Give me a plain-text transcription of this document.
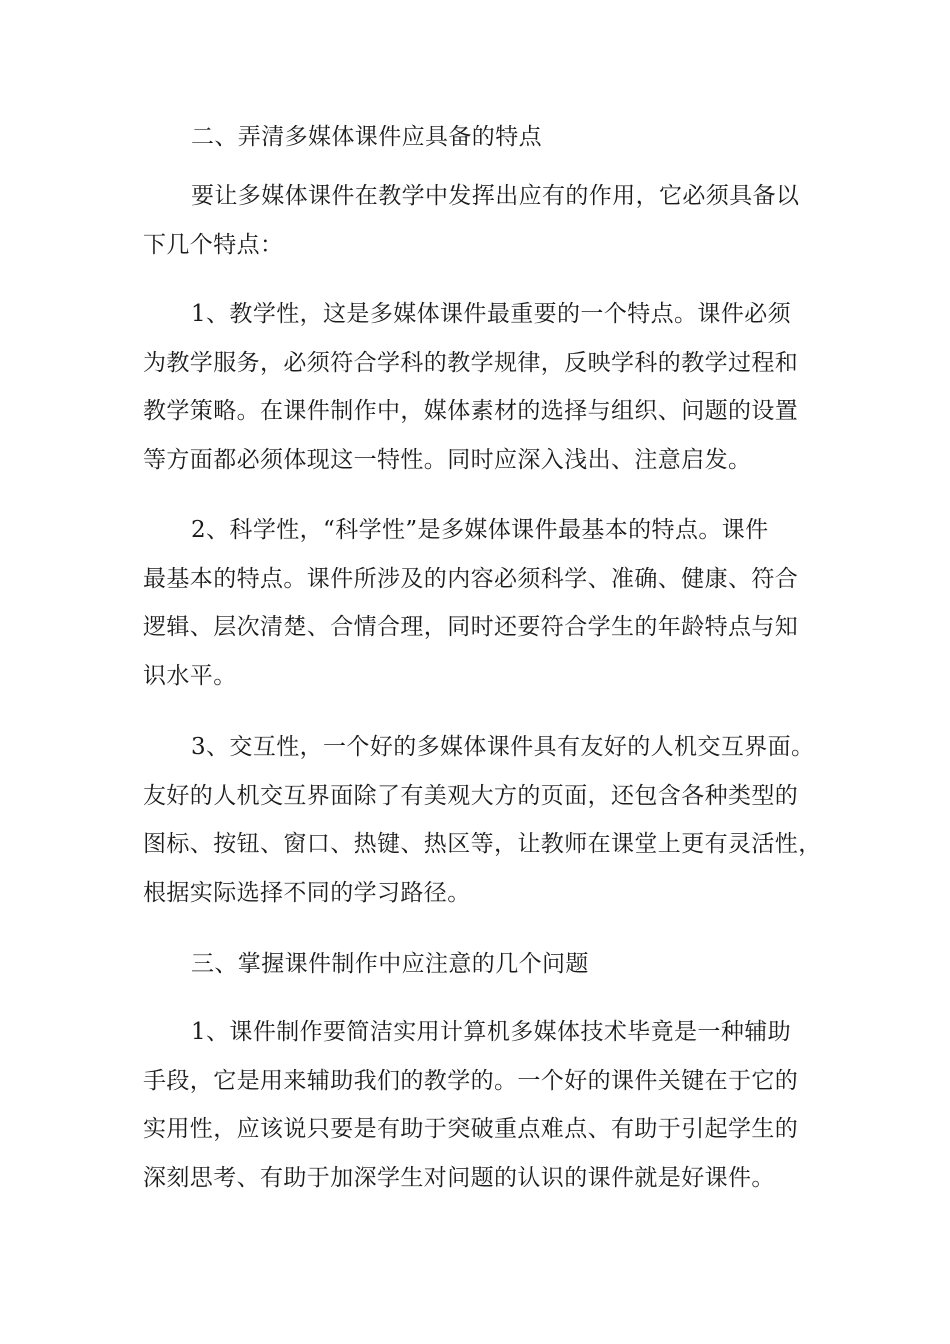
二、弄清多媒体课件应具备的特点

要让多媒体课件在教学中发挥出应有的作用，它必须具备以
下几个特点：
1、教学性，这是多媒体课件最重要的一个特点。课件必须
为教学服务，必须符合学科的教学规律，反映学科的教学过程和
教学策略。在课件制作中，媒体素材的选择与组织、问题的设置
等方面都必须体现这一特性。同时应深入浅出、注意启发。
2、科学性，“科学性”是多媒体课件最基本的特点。课件
最基本的特点。课件所涉及的内容必须科学、准确、健康、符合
逻辑、层次清楚、合情合理，同时还要符合学生的年龄特点与知
识水平。
3、交互性，一个好的多媒体课件具有友好的人机交互界面。
友好的人机交互界面除了有美观大方的页面，还包含各种类型的
图标、按钮、窗口、热键、热区等，让教师在课堂上更有灵活性，
根据实际选择不同的学习路径。

三、掌握课件制作中应注意的几个问题

1、课件制作要简洁实用计算机多媒体技术毕竟是一种辅助
手段，它是用来辅助我们的教学的。一个好的课件关键在于它的
实用性，应该说只要是有助于突破重点难点、有助于引起学生的
深刻思考、有助于加深学生对问题的认识的课件就是好课件。
